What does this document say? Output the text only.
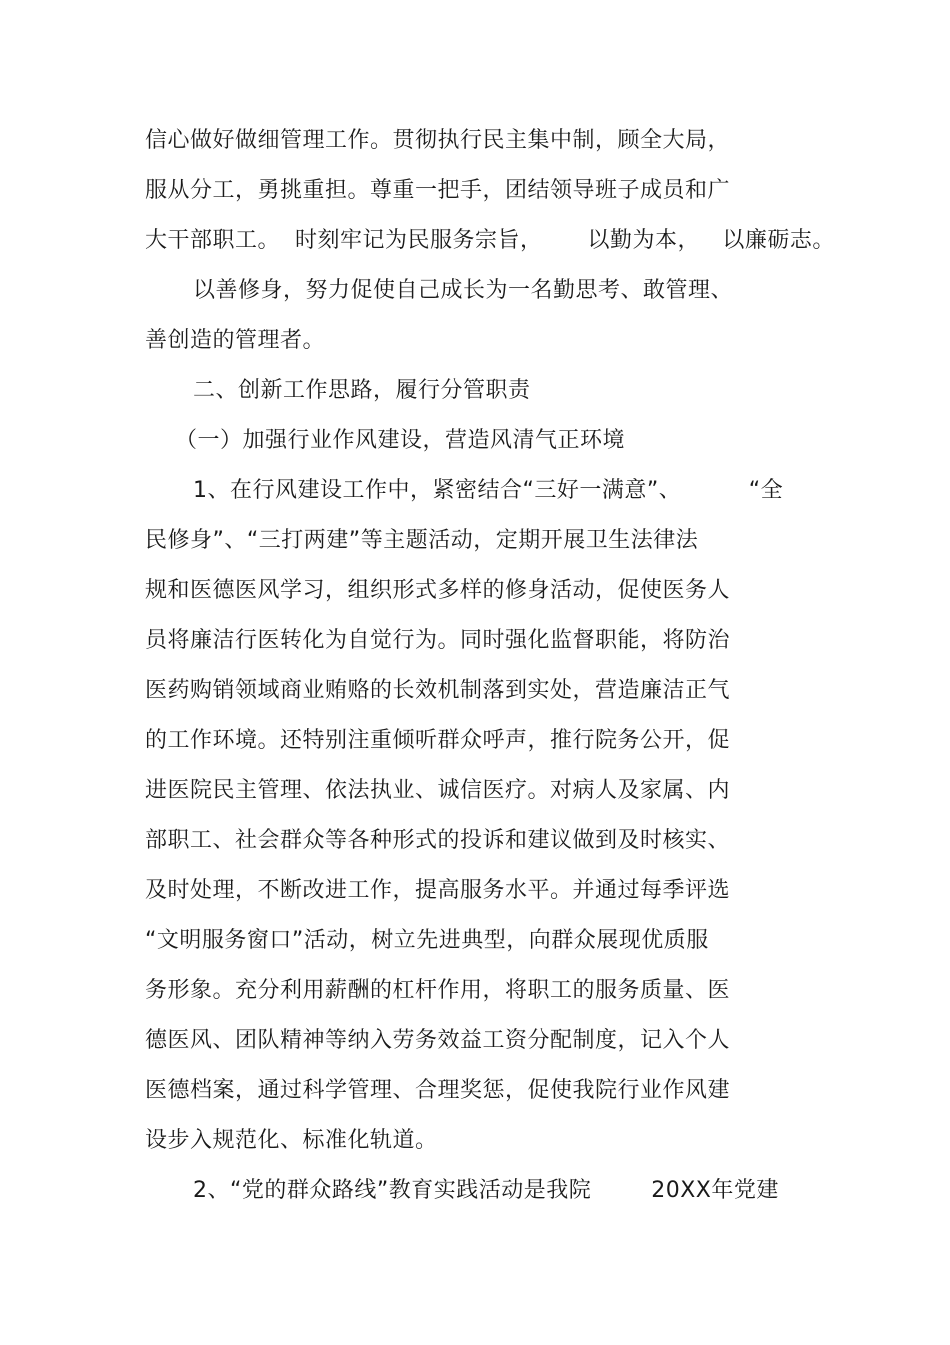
信心做好做细管理工作。贯彻执行民主集中制，顾全大局，
服从分工，勇挑重担。尊重一把手，团结领导班子成员和广
大干部职工。  时刻牢记为民服务宗旨，      以勤为本，   以廉砺志。
以善修身，努力促使自己成长为一名勤思考、敢管理、
善创造的管理者。
二、创新工作思路，履行分管职责
（一）加强行业作风建设，营造风清气正环境
1、在行风建设工作中，紧密结合“三好一满意”、         “全
民修身”、“三打两建”等主题活动，定期开展卫生法律法
规和医德医风学习，组织形式多样的修身活动，促使医务人
员将廉洁行医转化为自觉行为。同时强化监督职能，将防治
医药购销领域商业贿赂的长效机制落到实处，营造廉洁正气
的工作环境。还特别注重倾听群众呼声，推行院务公开，促
进医院民主管理、依法执业、诚信医疗。对病人及家属、内
部职工、社会群众等各种形式的投诉和建议做到及时核实、
及时处理，不断改进工作，提高服务水平。并通过每季评选
“文明服务窗口”活动，树立先进典型，向群众展现优质服
务形象。充分利用薪酬的杠杆作用，将职工的服务质量、医
德医风、团队精神等纳入劳务效益工资分配制度，记入个人
医德档案，通过科学管理、合理奖惩，促使我院行业作风建
设步入规范化、标准化轨道。
2、“党的群众路线”教育实践活动是我院        20XX年党建
